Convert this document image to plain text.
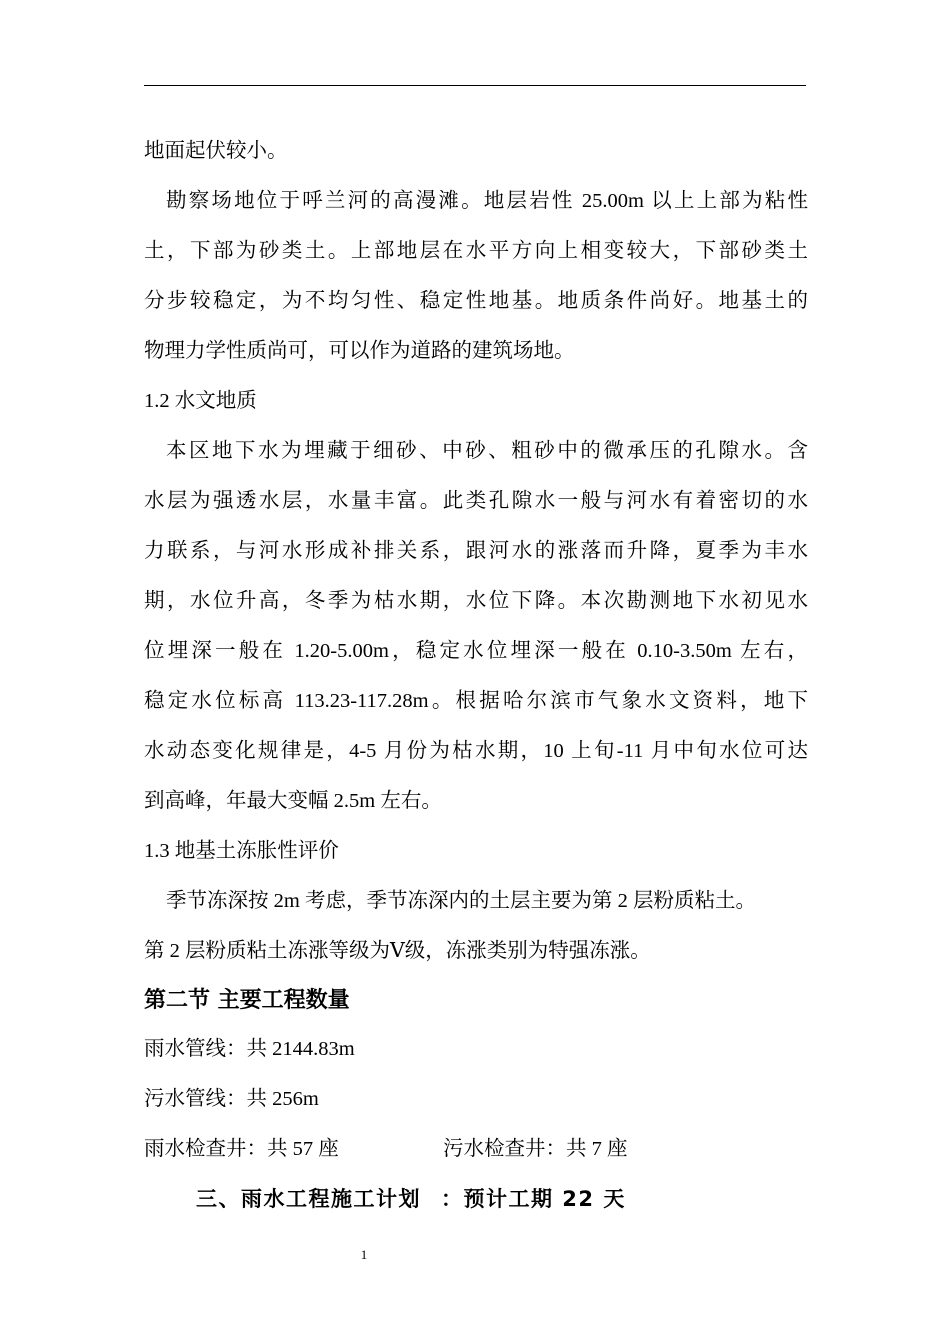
地面起伏较小。
勘察场地位于呼兰河的高漫滩。地层岩性 25.00m 以上上部为粘性
土，下部为砂类土。上部地层在水平方向上相变较大，下部砂类土
分步较稳定，为不均匀性、稳定性地基。地质条件尚好。地基土的
物理力学性质尚可，可以作为道路的建筑场地。
1.2 水文地质
本区地下水为埋藏于细砂、中砂、粗砂中的微承压的孔隙水。含
水层为强透水层，水量丰富。此类孔隙水一般与河水有着密切的水
力联系，与河水形成补排关系，跟河水的涨落而升降，夏季为丰水
期，水位升高，冬季为枯水期，水位下降。本次勘测地下水初见水
位埋深一般在 1.20-5.00m，稳定水位埋深一般在 0.10-3.50m 左右，
稳定水位标高 113.23-117.28m。根据哈尔滨市气象水文资料，地下
水动态变化规律是，4-5 月份为枯水期，10 上旬-11 月中旬水位可达
到高峰，年最大变幅 2.5m 左右。
1.3 地基土冻胀性评价
季节冻深按 2m 考虑，季节冻深内的土层主要为第 2 层粉质粘土。
第 2 层粉质粘土冻涨等级为Ⅴ级，冻涨类别为特强冻涨。
第二节 主要工程数量
雨水管线：共 2144.83m
污水管线：共 256m
雨水检查井：共 57 座	污水检查井：共 7 座
三、雨水工程施工计划 ：预计工期 22 天
1
